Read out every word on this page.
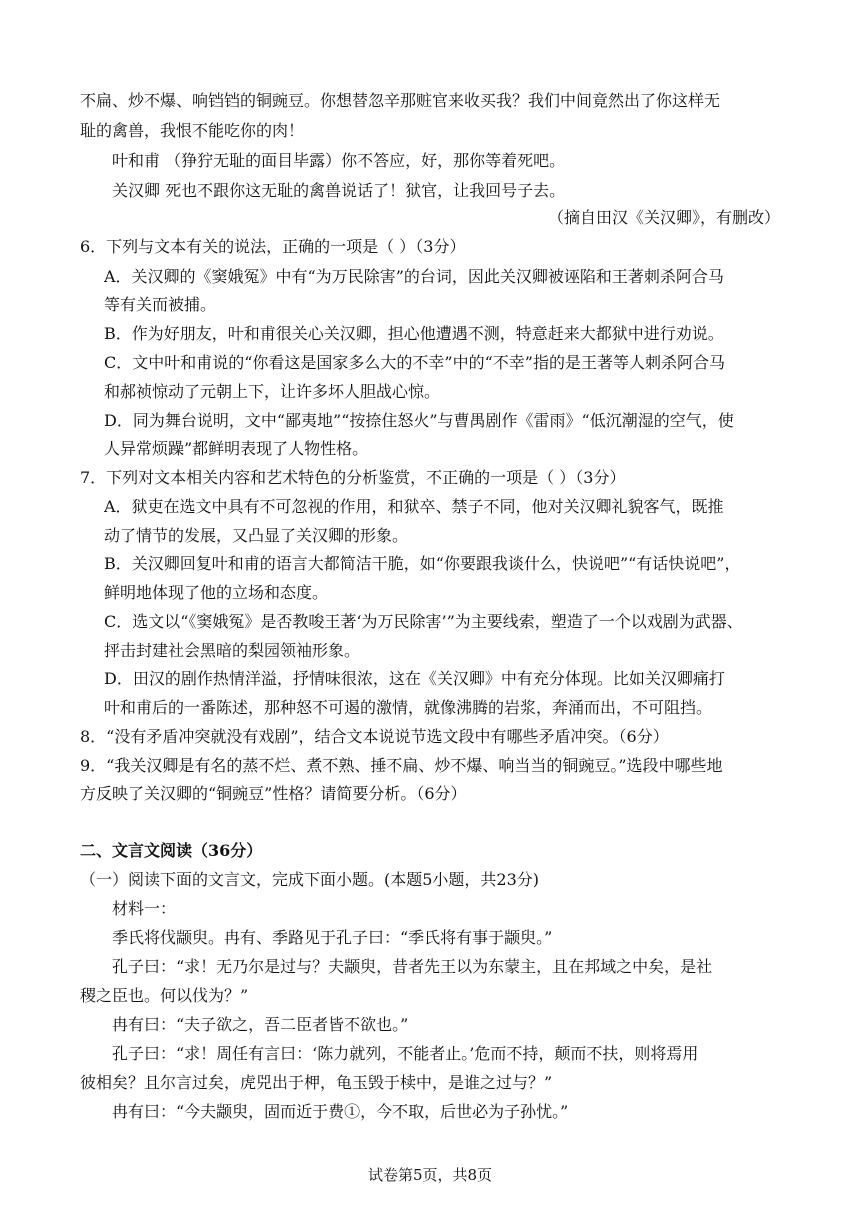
不扁、炒不爆、响铛铛的铜豌豆。你想替忽辛那赃官来收买我？我们中间竟然出了你这样无
耻的禽兽，我恨不能吃你的肉！
叶和甫 （狰狞无耻的面目毕露）你不答应，好，那你等着死吧。
关汉卿 死也不跟你这无耻的禽兽说话了！狱官，让我回号子去。
（摘自田汉《关汉卿》，有删改）
6．下列与文本有关的说法，正确的一项是（ ）（3分）
A．关汉卿的《窦娥冤》中有“为万民除害”的台词，因此关汉卿被诬陷和王著刺杀阿合马
等有关而被捕。
B．作为好朋友，叶和甫很关心关汉卿，担心他遭遇不测，特意赶来大都狱中进行劝说。
C．文中叶和甫说的“你看这是国家多么大的不幸”中的“不幸”指的是王著等人刺杀阿合马
和郝祯惊动了元朝上下，让许多坏人胆战心惊。
D．同为舞台说明，文中“鄙夷地”“按捺住怒火”与曹禺剧作《雷雨》“低沉潮湿的空气，使
人异常烦躁”都鲜明表现了人物性格。
7．下列对文本相关内容和艺术特色的分析鉴赏，不正确的一项是（ ）（3分）
A．狱吏在选文中具有不可忽视的作用，和狱卒、禁子不同，他对关汉卿礼貌客气，既推
动了情节的发展，又凸显了关汉卿的形象。
B．关汉卿回复叶和甫的语言大都简洁干脆，如“你要跟我谈什么，快说吧”“有话快说吧”，
鲜明地体现了他的立场和态度。
C．选文以“《窦娥冤》是否教唆王著‘为万民除害’”为主要线索，塑造了一个以戏剧为武器、
抨击封建社会黑暗的梨园领袖形象。
D．田汉的剧作热情洋溢，抒情味很浓，这在《关汉卿》中有充分体现。比如关汉卿痛打
叶和甫后的一番陈述，那种怒不可遏的激情，就像沸腾的岩浆，奔涌而出，不可阻挡。
8．“没有矛盾冲突就没有戏剧”，结合文本说说节选文段中有哪些矛盾冲突。（6分）
9．“我关汉卿是有名的蒸不烂、煮不熟、捶不扁、炒不爆、响当当的铜豌豆。”选段中哪些地
方反映了关汉卿的“铜豌豆”性格？请简要分析。（6分）
二、文言文阅读（36分）
（一）阅读下面的文言文，完成下面小题。(本题5小题，共23分)
材料一：
季氏将伐颛臾。冉有、季路见于孔子曰：“季氏将有事于颛臾。”
孔子曰：“求！无乃尔是过与？夫颛臾，昔者先王以为东蒙主，且在邦域之中矣，是社
稷之臣也。何以伐为？”
冉有曰：“夫子欲之，吾二臣者皆不欲也。”
孔子曰：“求！周任有言曰：‘陈力就列，不能者止。’危而不持，颠而不扶，则将焉用
彼相矣？且尔言过矣，虎兕出于柙，龟玉毁于椟中，是谁之过与？”
冉有曰：“今夫颛臾，固而近于费①，今不取，后世必为子孙忧。”
试卷第5页，共8页
